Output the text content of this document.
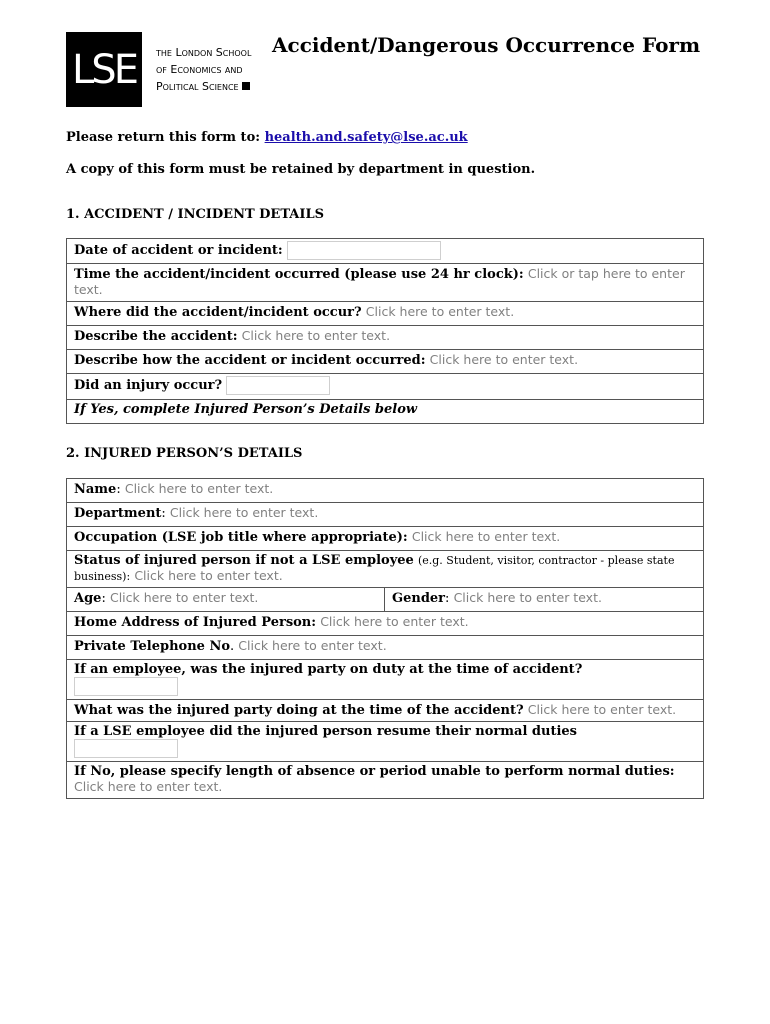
Accident/Dangerous Occurrence Form
LSE	the London School
of Economics and
Political Science
Please return this form to: health.and.safety@lse.ac.uk
A copy of this form must be retained by department in question.
1. ACCIDENT / INCIDENT DETAILS
Date of accident or incident:
Time the accident/incident occurred (please use 24 hr clock): Click or tap here to enter text.
Where did the accident/incident occur? Click here to enter text.
Describe the accident: Click here to enter text.
Describe how the accident or incident occurred: Click here to enter text.
Did an injury occur?
If Yes, complete Injured Person’s Details below
2. INJURED PERSON’S DETAILS
Name: Click here to enter text.
Department: Click here to enter text.
Occupation (LSE job title where appropriate): Click here to enter text.
Status of injured person if not a LSE employee (e.g. Student, visitor, contractor - please state business): Click here to enter text.
Age: Click here to enter text.	Gender: Click here to enter text.
Home Address of Injured Person: Click here to enter text.
Private Telephone No. Click here to enter text.
If an employee, was the injured party on duty at the time of accident?

What was the injured party doing at the time of the accident? Click here to enter text.
If a LSE employee did the injured person resume their normal duties

If No, please specify length of absence or period unable to perform normal duties: Click here to enter text.
